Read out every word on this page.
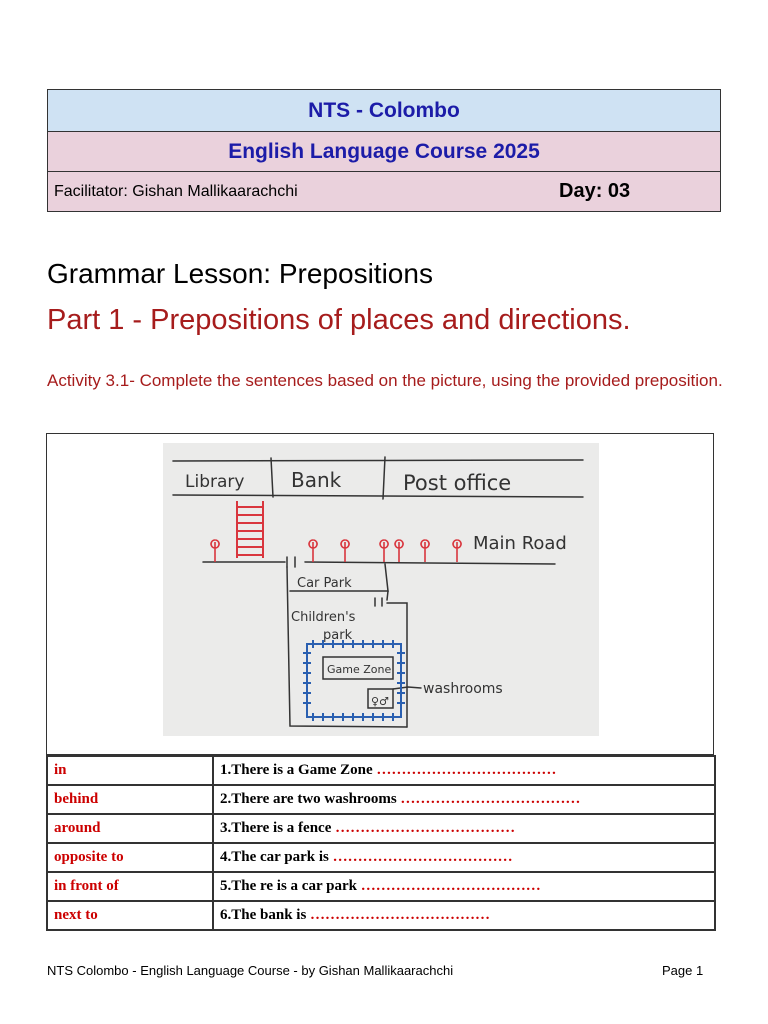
NTS - Colombo
English Language Course 2025
Facilitator: Gishan Mallikaarachchi	Day: 03
Grammar Lesson: Prepositions
Part 1 - Prepositions of places and directions.
Activity 3.1- Complete the sentences based on the picture, using the provided preposition.
Library Bank	Post office
Main Road
Car Park
Children's
park
Game Zone
washrooms
♀♂
in	1.There is a Game Zone ………………………………
behind	2.There are two washrooms ………………………………
around	3.There is a fence ………………………………
opposite to	4.The car park is ………………………………
in front of	5.The re is a car park ………………………………
next to	6.The bank is ………………………………
NTS Colombo - English Language Course - by Gishan Mallikaarachchi	Page 1
